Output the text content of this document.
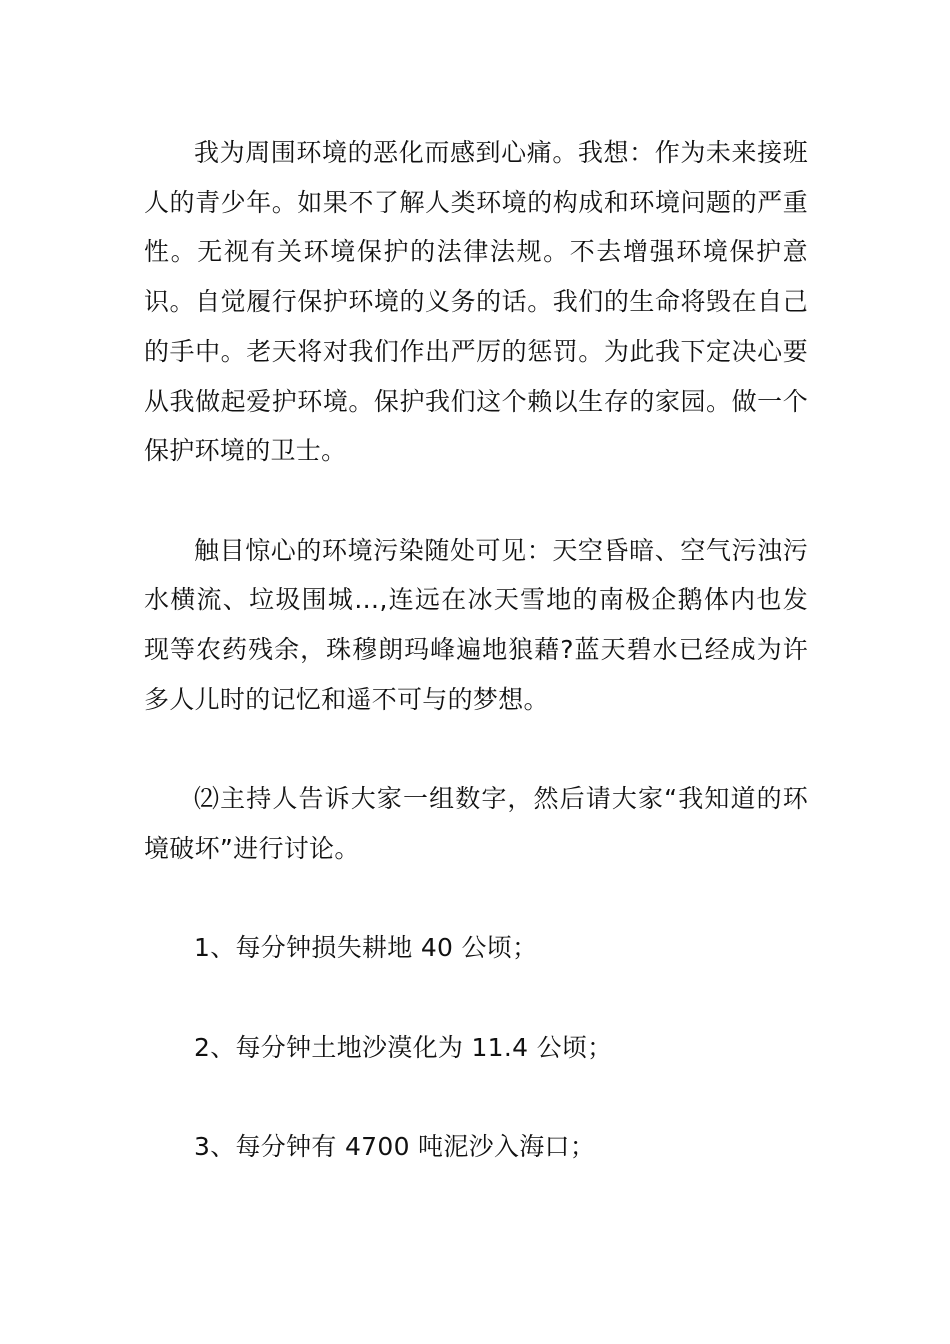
我为周围环境的恶化而感到心痛。我想：作为未来接班人的青少年。如果不了解人类环境的构成和环境问题的严重性。无视有关环境保护的法律法规。不去增强环境保护意识。自觉履行保护环境的义务的话。我们的生命将毁在自己的手中。老天将对我们作出严厉的惩罚。为此我下定决心要从我做起爱护环境。保护我们这个赖以生存的家园。做一个保护环境的卫士。

触目惊心的环境污染随处可见：天空昏暗、空气污浊污水横流、垃圾围城…,连远在冰天雪地的南极企鹅体内也发现等农药残余，珠穆朗玛峰遍地狼藉?蓝天碧水已经成为许多人儿时的记忆和遥不可与的梦想。

⑵主持人告诉大家一组数字，然后请大家“我知道的环境破坏”进行讨论。

1、每分钟损失耕地 40 公顷；

2、每分钟土地沙漠化为 11.4 公顷；

3、每分钟有 4700 吨泥沙入海口；
